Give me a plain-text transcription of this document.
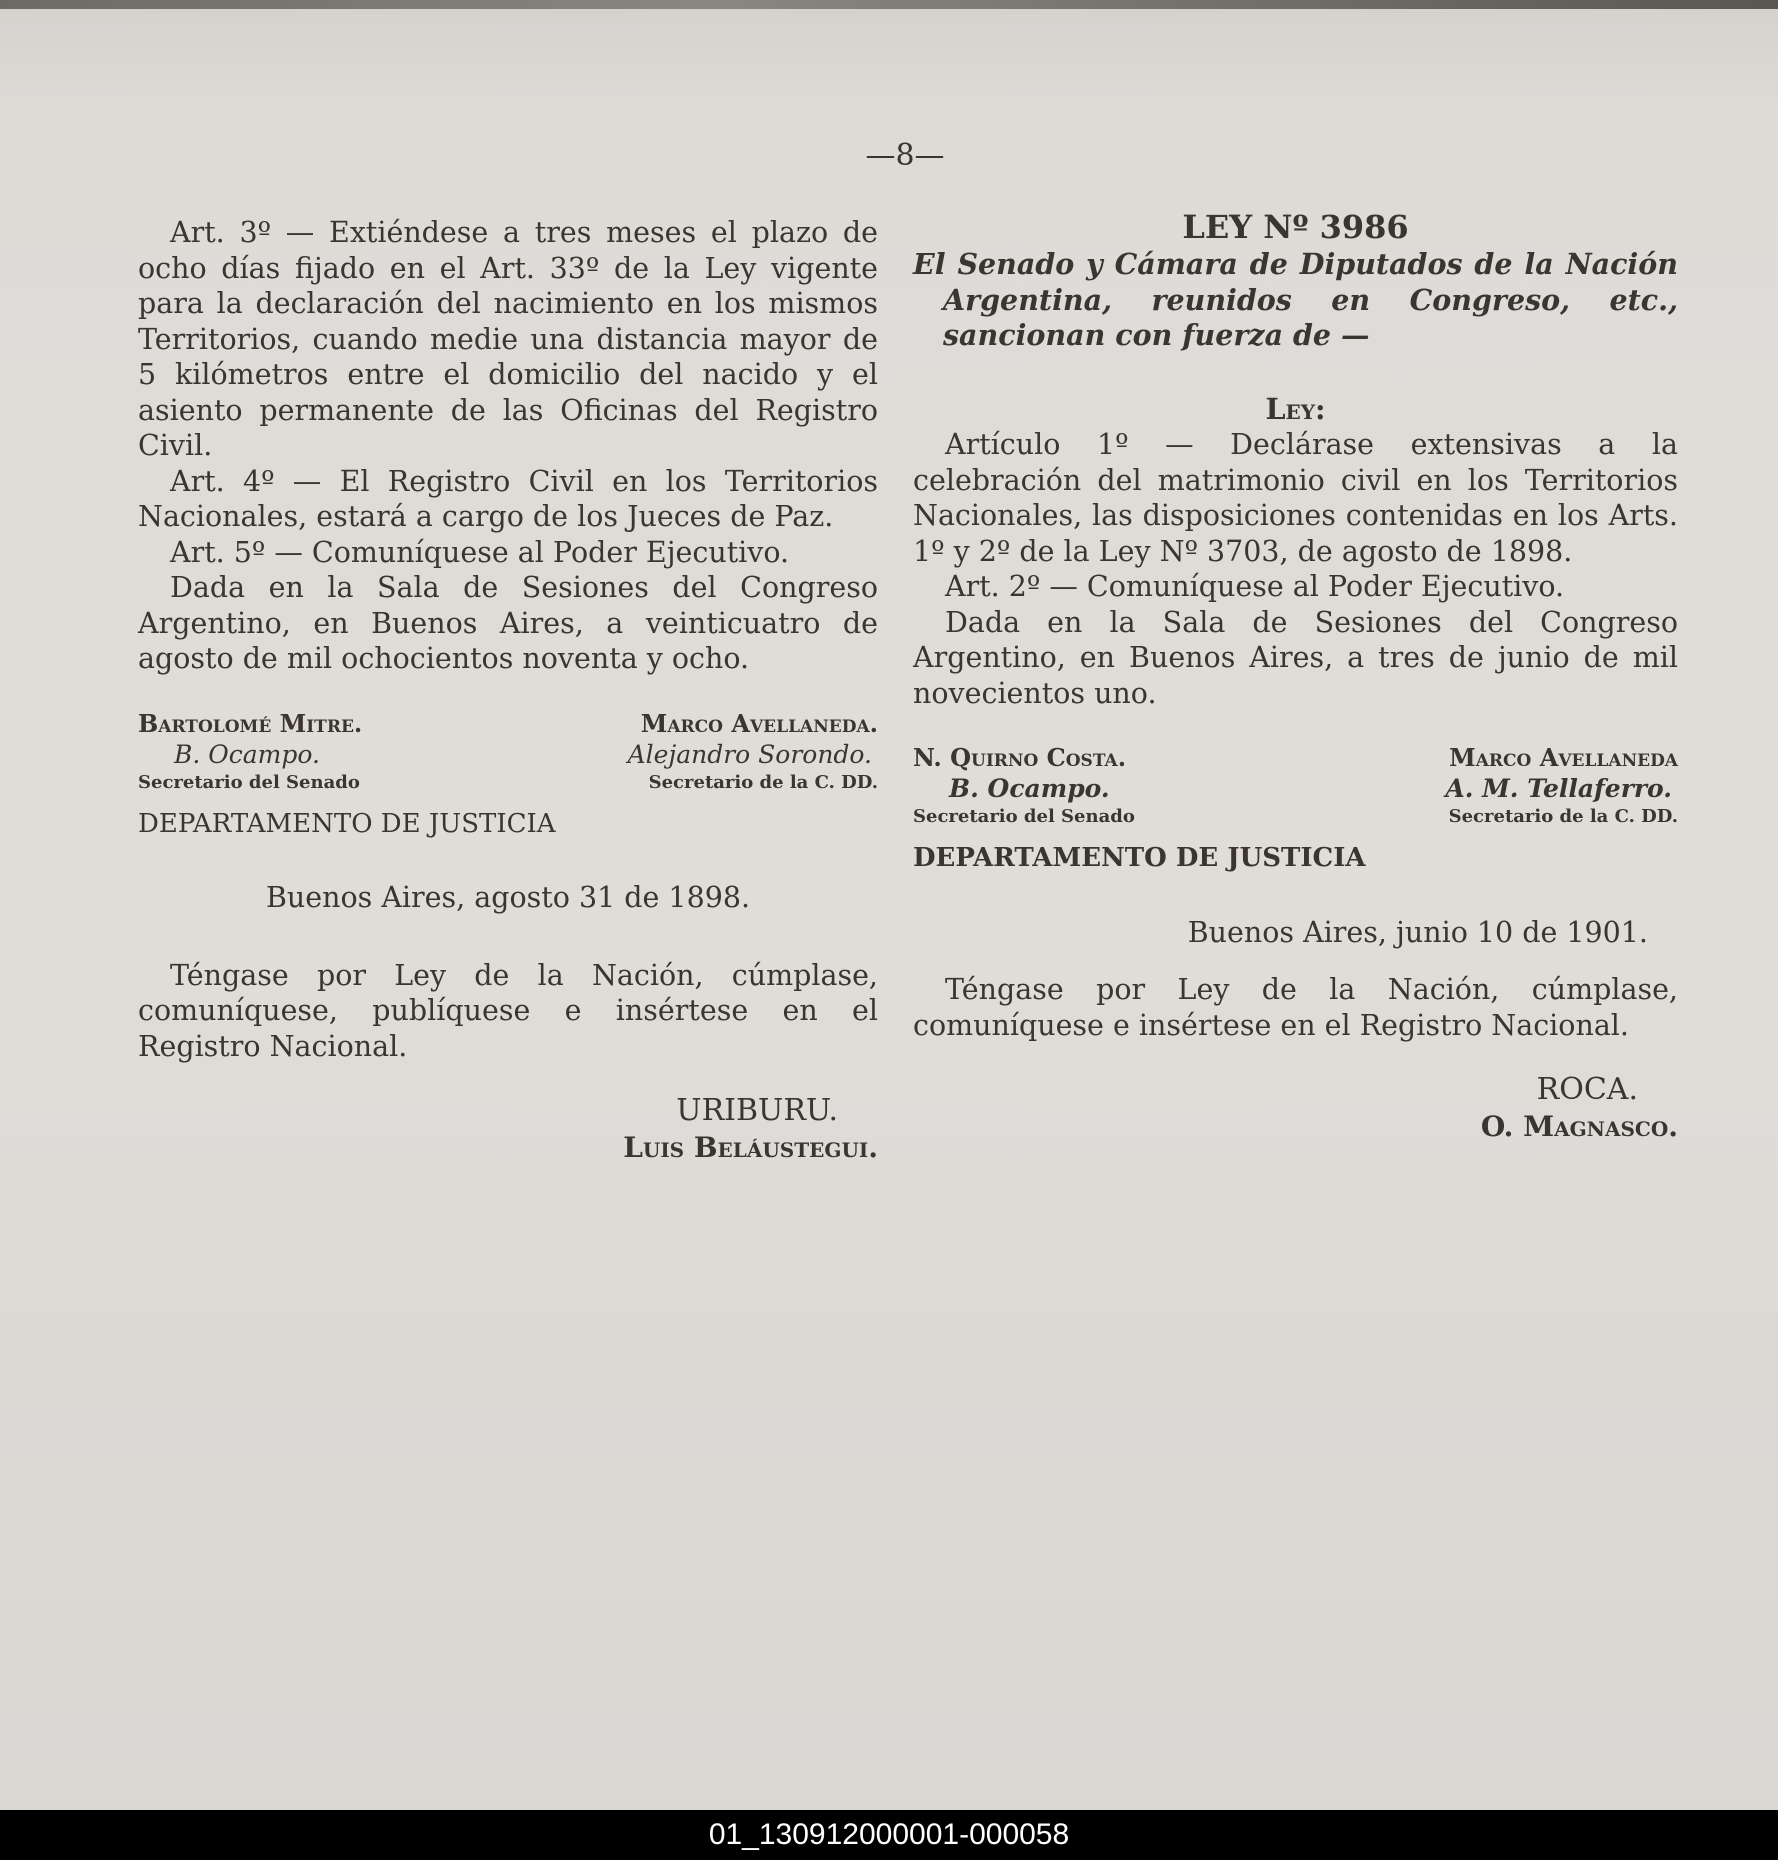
—8—

Art. 3º — Extiéndese a tres meses el plazo de ocho días fijado en el Art. 33º de la Ley vigente para la declaración del nacimiento en los mismos Territorios, cuando medie una distancia mayor de 5 kilómetros entre el domicilio del nacido y el asiento permanente de las Oficinas del Registro Civil.

Art. 4º — El Registro Civil en los Territorios Nacionales, estará a cargo de los Jueces de Paz.

Art. 5º — Comuníquese al Poder Ejecutivo.

Dada en la Sala de Sesiones del Congreso Argentino, en Buenos Aires, a veinticuatro de agosto de mil ochocientos noventa y ocho.

Bartolomé Mitre.
B. Ocampo.
Secretario del Senado
Marco Avellaneda.
Alejandro Sorondo.
Secretario de la C. DD.

DEPARTAMENTO DE JUSTICIA

Buenos Aires, agosto 31 de 1898.

Téngase por Ley de la Nación, cúmplase, comuníquese, publíquese e insértese en el Registro Nacional.

URIBURU.
Luis Beláustegui.

LEY Nº 3986

El Senado y Cámara de Diputados de la Nación Argentina, reunidos en Congreso, etc., sancionan con fuerza de —

Ley:

Artículo 1º — Declárase extensivas a la celebración del matrimonio civil en los Territorios Nacionales, las disposiciones contenidas en los Arts. 1º y 2º de la Ley Nº 3703, de agosto de 1898.

Art. 2º — Comuníquese al Poder Ejecutivo.

Dada en la Sala de Sesiones del Congreso Argentino, en Buenos Aires, a tres de junio de mil novecientos uno.

N. Quirno Costa.
B. Ocampo.
Secretario del Senado
Marco Avellaneda
A. M. Tellaferro.
Secretario de la C. DD.

DEPARTAMENTO DE JUSTICIA

Buenos Aires, junio 10 de 1901.

Téngase por Ley de la Nación, cúmplase, comuníquese e insértese en el Registro Nacional.

ROCA.
O. Magnasco.
01_130912000001-000058
